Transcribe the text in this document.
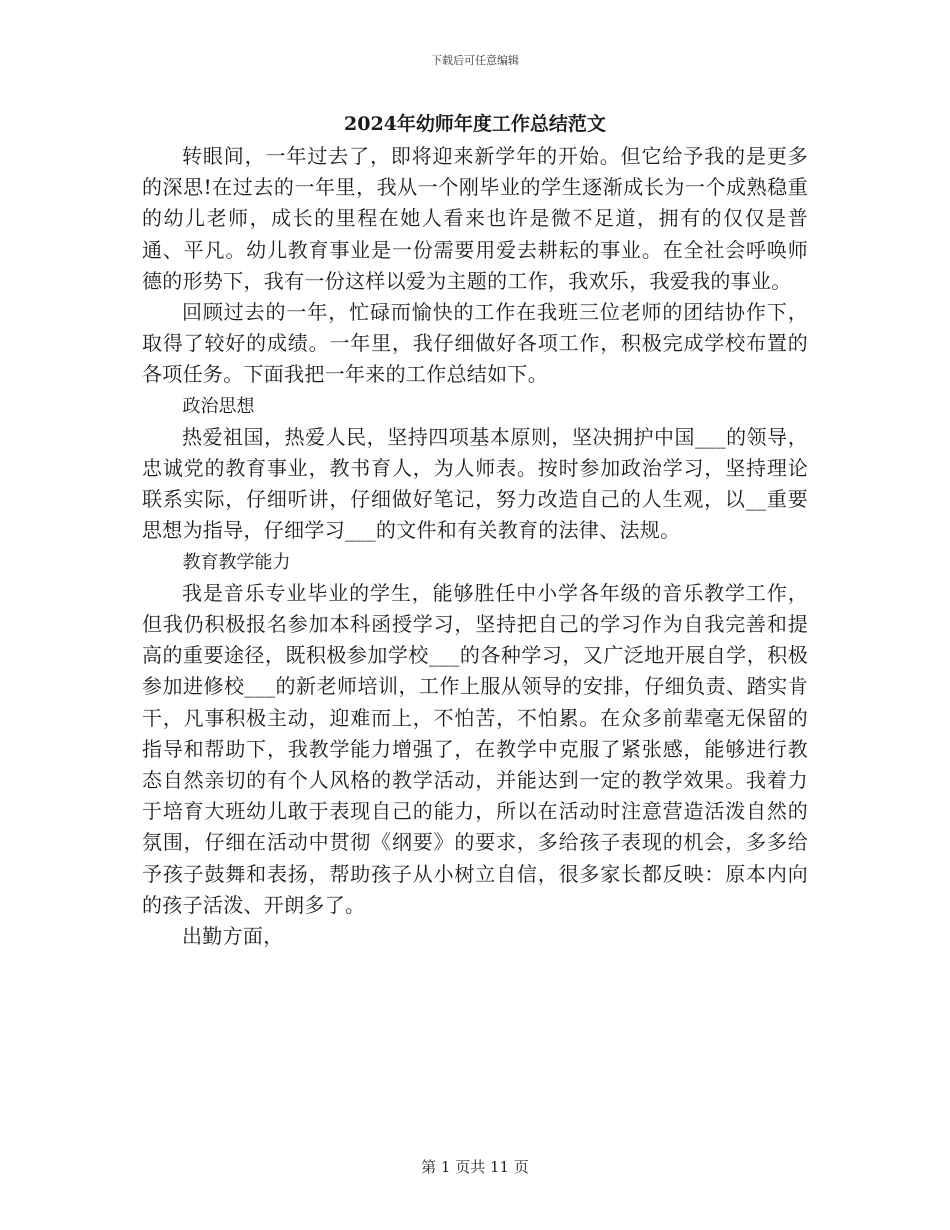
下载后可任意编辑
2024年幼师年度工作总结范文

转眼间，一年过去了，即将迎来新学年的开始。但它给予我的是更多的深思!在过去的一年里，我从一个刚毕业的学生逐渐成长为一个成熟稳重的幼儿老师，成长的里程在她人看来也许是微不足道，拥有的仅仅是普通、平凡。幼儿教育事业是一份需要用爱去耕耘的事业。在全社会呼唤师德的形势下，我有一份这样以爱为主题的工作，我欢乐，我爱我的事业。

回顾过去的一年，忙碌而愉快的工作在我班三位老师的团结协作下，取得了较好的成绩。一年里，我仔细做好各项工作，积极完成学校布置的各项任务。下面我把一年来的工作总结如下。

政治思想

热爱祖国，热爱人民，坚持四项基本原则，坚决拥护中国___的领导，忠诚党的教育事业，教书育人，为人师表。按时参加政治学习，坚持理论联系实际，仔细听讲，仔细做好笔记，努力改造自己的人生观，以__重要思想为指导，仔细学习___的文件和有关教育的法律、法规。

教育教学能力

我是音乐专业毕业的学生，能够胜任中小学各年级的音乐教学工作，但我仍积极报名参加本科函授学习，坚持把自己的学习作为自我完善和提高的重要途径，既积极参加学校___的各种学习，又广泛地开展自学，积极参加进修校___的新老师培训，工作上服从领导的安排，仔细负责、踏实肯干，凡事积极主动，迎难而上，不怕苦，不怕累。在众多前辈毫无保留的指导和帮助下，我教学能力增强了，在教学中克服了紧张感，能够进行教态自然亲切的有个人风格的教学活动，并能达到一定的教学效果。我着力于培育大班幼儿敢于表现自己的能力，所以在活动时注意营造活泼自然的氛围，仔细在活动中贯彻《纲要》的要求，多给孩子表现的机会，多多给予孩子鼓舞和表扬，帮助孩子从小树立自信，很多家长都反映：原本内向的孩子活泼、开朗多了。

出勤方面，

第 1 页共 11 页
